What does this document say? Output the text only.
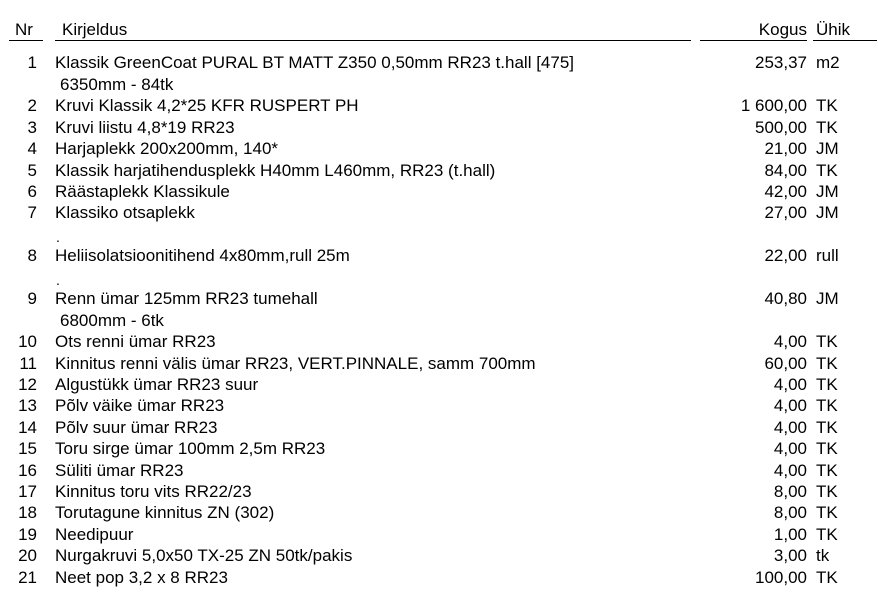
Nr Kirjeldus	Kogus Ühik
1 Klassik GreenCoat PURAL BT MATT Z350 0,50mm RR23 t.hall [475]	253,37 m2
6350mm - 84tk
2 Kruvi Klassik 4,2*25 KFR RUSPERT PH	1 600,00 TK
3 Kruvi liistu 4,8*19 RR23	500,00 TK
4 Harjaplekk 200x200mm, 140*	21,00 JM
5 Klassik harjatihendusplekk H40mm L460mm, RR23 (t.hall)	84,00 TK
6 Räästaplekk Klassikule	42,00 JM
7 Klassiko otsaplekk	27,00 JM
.
8 Heliisolatsioonitihend 4x80mm,rull 25m	22,00 rull
.
9 Renn ümar 125mm RR23 tumehall	40,80 JM
6800mm - 6tk
10 Ots renni ümar RR23	4,00 TK
11 Kinnitus renni välis ümar RR23, VERT.PINNALE, samm 700mm	60,00 TK
12 Algustükk ümar RR23 suur	4,00 TK
13 Põlv väike ümar RR23	4,00 TK
14 Põlv suur ümar RR23	4,00 TK
15 Toru sirge ümar 100mm 2,5m RR23	4,00 TK
16 Süliti ümar RR23	4,00 TK
17 Kinnitus toru vits RR22/23	8,00 TK
18 Torutagune kinnitus ZN (302)	8,00 TK
19 Needipuur	1,00 TK
20 Nurgakruvi 5,0x50 TX-25 ZN 50tk/pakis	3,00 tk
21 Neet pop 3,2 x 8 RR23	100,00 TK
